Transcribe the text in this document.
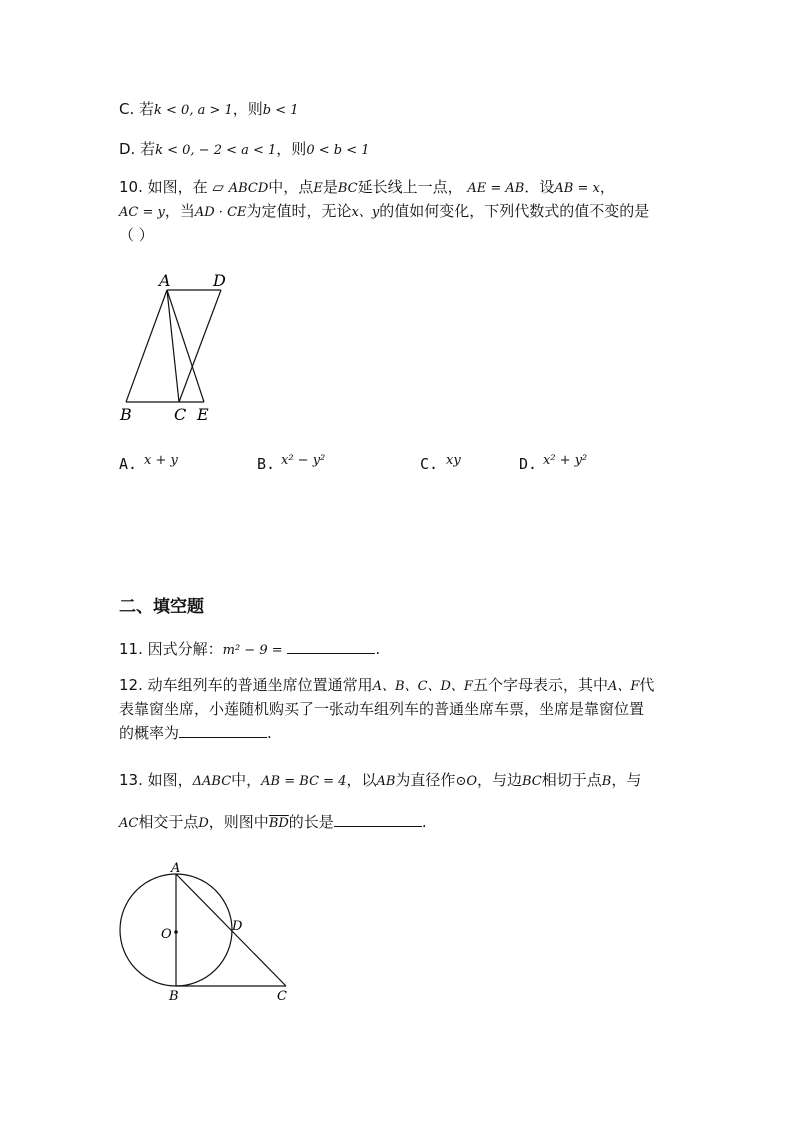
C. 若k < 0, a > 1，则b < 1
D. 若k < 0, − 2 < a < 1，则0 < b < 1
10. 如图，在 ▱ ABCD中，点E是BC延长线上一点， AE = AB．设AB = x，
AC = y，当AD · CE为定值时，无论x、y的值如何变化，下列代数式的值不变的是
（ ）
A	D
B	C E
A. x + y	B. x² − y²	C. xy	D. x² + y²
二、填空题
11. 因式分解：m² − 9 =	.
12. 动车组列车的普通坐席位置通常用A、B、C、D、F五个字母表示，其中A、F代
表靠窗坐席，小莲随机购买了一张动车组列车的普通坐席车票，坐席是靠窗位置
的概率为	.
13. 如图，ΔABC中，AB = BC = 4，以AB为直径作⊙O，与边BC相切于点B，与
AC相交于点D，则图中$\overline{BD}$的长是	.
A
O
D
B	C
